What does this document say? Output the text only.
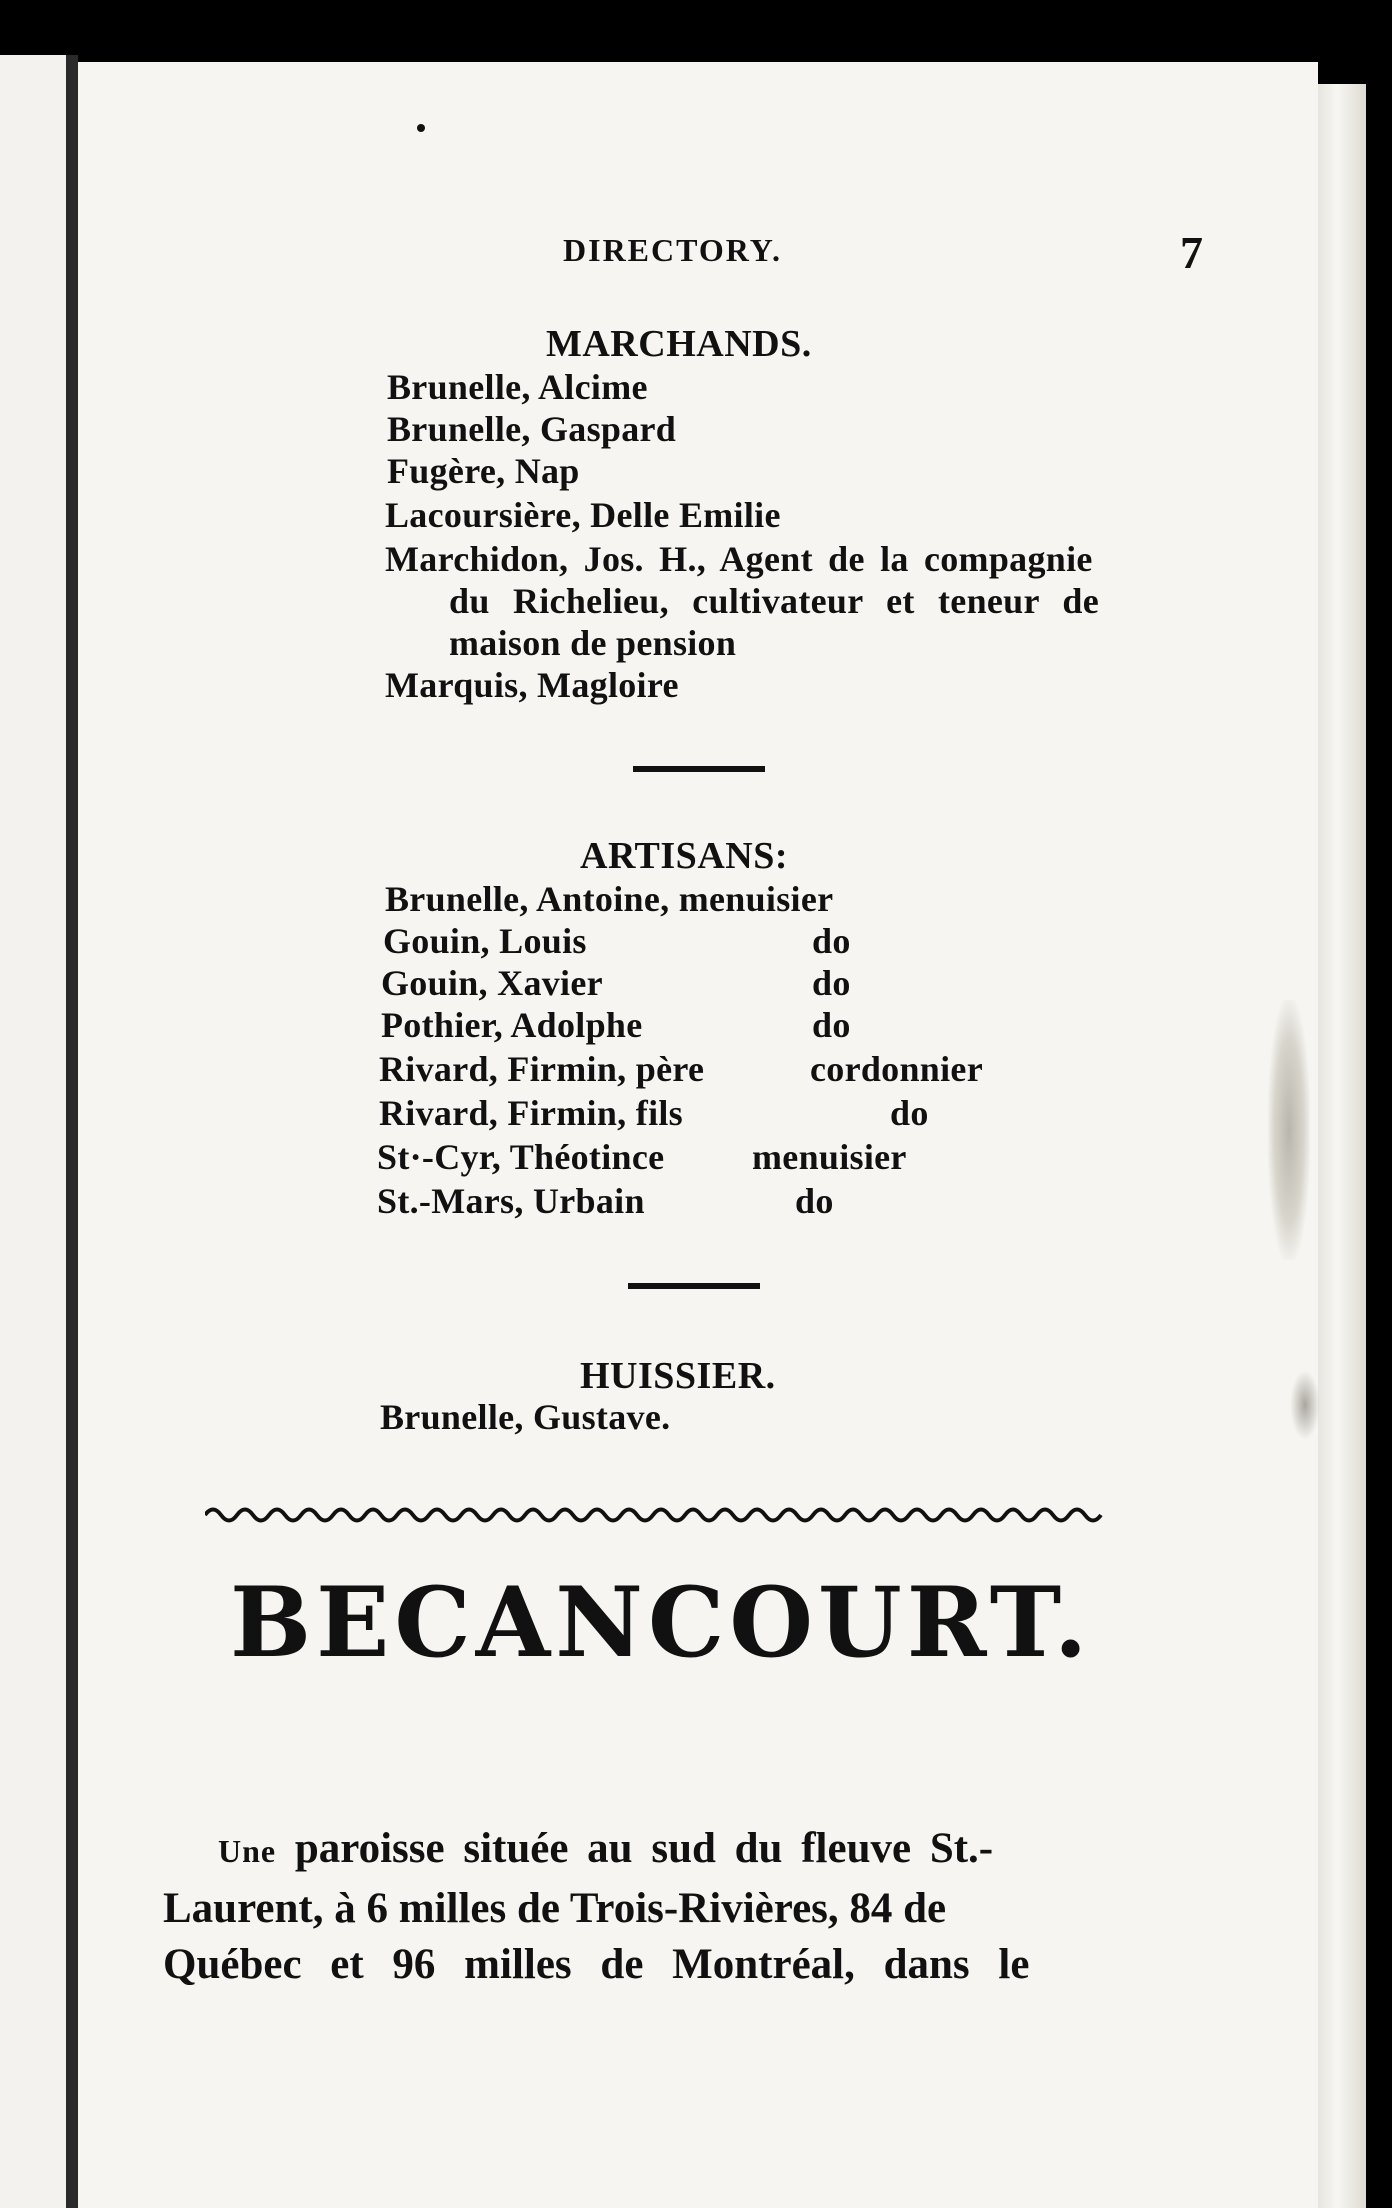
DIRECTORY.	7
MARCHANDS.
Brunelle, Alcime
Brunelle, Gaspard
Fugère, Nap
Lacoursière, Delle Emilie
Marchidon, Jos. H., Agent de la compagnie
du Richelieu, cultivateur et teneur de
maison de pension
Marquis, Magloire
ARTISANS:
Brunelle, Antoine, menuisier
Gouin, Louis	do
Gouin, Xavier	do
Pothier, Adolphe	do
Rivard, Firmin, père	cordonnier
Rivard, Firmin, fils	do
St·-Cyr, Théotince menuisier
St.-Mars, Urbain	do
HUISSIER.
Brunelle, Gustave.
BECANCOURT.
Une paroisse située au sud du fleuve St.-
Laurent, à 6 milles de Trois-Rivières, 84 de
Québec et 96 milles de Montréal, dans le
